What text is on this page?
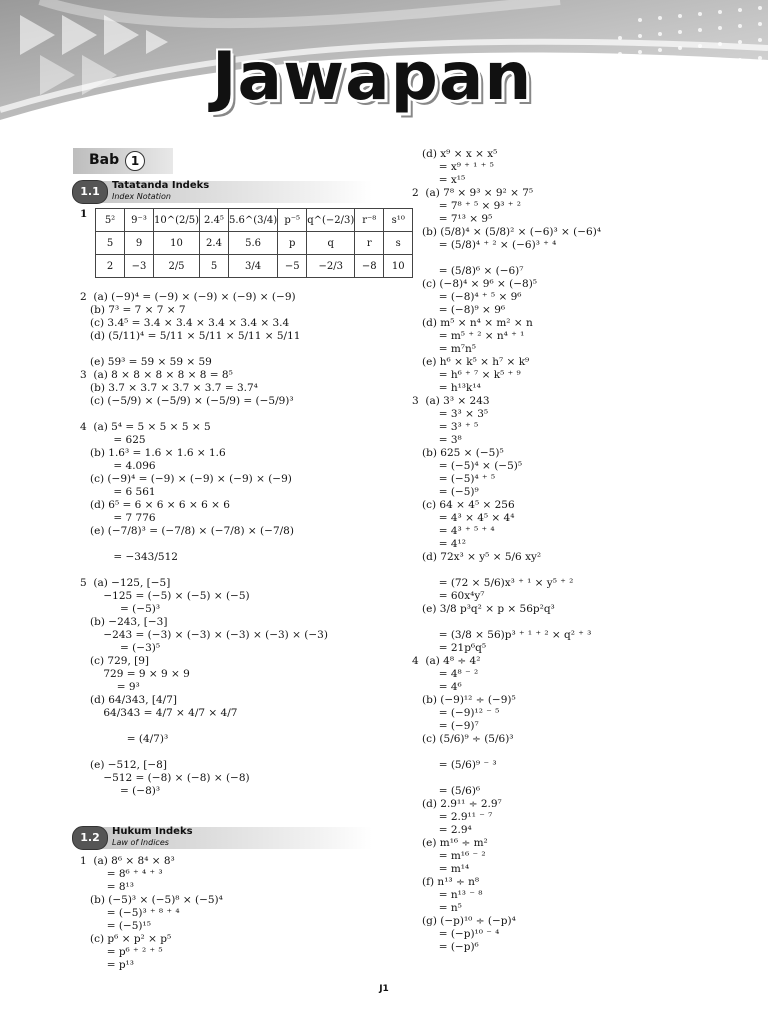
Jawapan
Bab 1
1.1	Tatatanda Indeks
Index Notation
1 5²	9⁻³	10^(2/5)	2.4⁵	5.6^(3/4)	p⁻⁵	q^(−2/3)	r⁻⁸	s¹⁰
5	9	10	2.4	5.6	p	q	r	s
2	−3	2/5	5	3/4	−5	−2/3	−8	10
2  (a) (−9)⁴ = (−9) × (−9) × (−9) × (−9)
(b) 7³ = 7 × 7 × 7
(c) 3.4⁵ = 3.4 × 3.4 × 3.4 × 3.4 × 3.4
(d) (5/11)⁴ = 5/11 × 5/11 × 5/11 × 5/11
(e) 59³ = 59 × 59 × 59
3  (a) 8 × 8 × 8 × 8 × 8 = 8⁵
(b) 3.7 × 3.7 × 3.7 × 3.7 = 3.7⁴
(c) (−5/9) × (−5/9) × (−5/9) = (−5/9)³
4  (a) 5⁴ = 5 × 5 × 5 × 5
= 625
(b) 1.6³ = 1.6 × 1.6 × 1.6
= 4.096
(c) (−9)⁴ = (−9) × (−9) × (−9) × (−9)
= 6 561
(d) 6⁵ = 6 × 6 × 6 × 6 × 6
= 7 776
(e) (−7/8)³ = (−7/8) × (−7/8) × (−7/8)
= −343/512
5  (a) −125, [−5]
−125 = (−5) × (−5) × (−5)
= (−5)³
(b) −243, [−3]
−243 = (−3) × (−3) × (−3) × (−3) × (−3)
= (−3)⁵
(c) 729, [9]
729 = 9 × 9 × 9
= 9³
(d) 64/343, [4/7]
64/343 = 4/7 × 4/7 × 4/7
= (4/7)³
(e) −512, [−8]
−512 = (−8) × (−8) × (−8)
= (−8)³
1.2	Hukum Indeks
Law of Indices
1  (a) 8⁶ × 8⁴ × 8³
= 8⁶ ⁺ ⁴ ⁺ ³
= 8¹³
(b) (−5)³ × (−5)⁸ × (−5)⁴
= (−5)³ ⁺ ⁸ ⁺ ⁴
= (−5)¹⁵
(c) p⁶ × p² × p⁵
= p⁶ ⁺ ² ⁺ ⁵
= p¹³
(d) x⁹ × x × x⁵
= x⁹ ⁺ ¹ ⁺ ⁵
= x¹⁵
2  (a) 7⁸ × 9³ × 9² × 7⁵
= 7⁸ ⁺ ⁵ × 9³ ⁺ ²
= 7¹³ × 9⁵
(b) (5/8)⁴ × (5/8)² × (−6)³ × (−6)⁴
= (5/8)⁴ ⁺ ² × (−6)³ ⁺ ⁴
= (5/8)⁶ × (−6)⁷
(c) (−8)⁴ × 9⁶ × (−8)⁵
= (−8)⁴ ⁺ ⁵ × 9⁶
= (−8)⁹ × 9⁶
(d) m⁵ × n⁴ × m² × n
= m⁵ ⁺ ² × n⁴ ⁺ ¹
= m⁷n⁵
(e) h⁶ × k⁵ × h⁷ × k⁹
= h⁶ ⁺ ⁷ × k⁵ ⁺ ⁹
= h¹³k¹⁴
3  (a) 3³ × 243
= 3³ × 3⁵
= 3³ ⁺ ⁵
= 3⁸
(b) 625 × (−5)⁵
= (−5)⁴ × (−5)⁵
= (−5)⁴ ⁺ ⁵
= (−5)⁹
(c) 64 × 4⁵ × 256
= 4³ × 4⁵ × 4⁴
= 4³ ⁺ ⁵ ⁺ ⁴
= 4¹²
(d) 72x³ × y⁵ × 5/6 xy²
= (72 × 5/6)x³ ⁺ ¹ × y⁵ ⁺ ²
= 60x⁴y⁷
(e) 3/8 p³q² × p × 56p²q³
= (3/8 × 56)p³ ⁺ ¹ ⁺ ² × q² ⁺ ³
= 21p⁶q⁵
4  (a) 4⁸ ÷ 4²
= 4⁸ ⁻ ²
= 4⁶
(b) (−9)¹² ÷ (−9)⁵
= (−9)¹² ⁻ ⁵
= (−9)⁷
(c) (5/6)⁹ ÷ (5/6)³
= (5/6)⁹ ⁻ ³
= (5/6)⁶
(d) 2.9¹¹ ÷ 2.9⁷
= 2.9¹¹ ⁻ ⁷
= 2.9⁴
(e) m¹⁶ ÷ m²
= m¹⁶ ⁻ ²
= m¹⁴
(f) n¹³ ÷ n⁸
= n¹³ ⁻ ⁸
= n⁵
(g) (−p)¹⁰ ÷ (−p)⁴
= (−p)¹⁰ ⁻ ⁴
= (−p)⁶
J1
